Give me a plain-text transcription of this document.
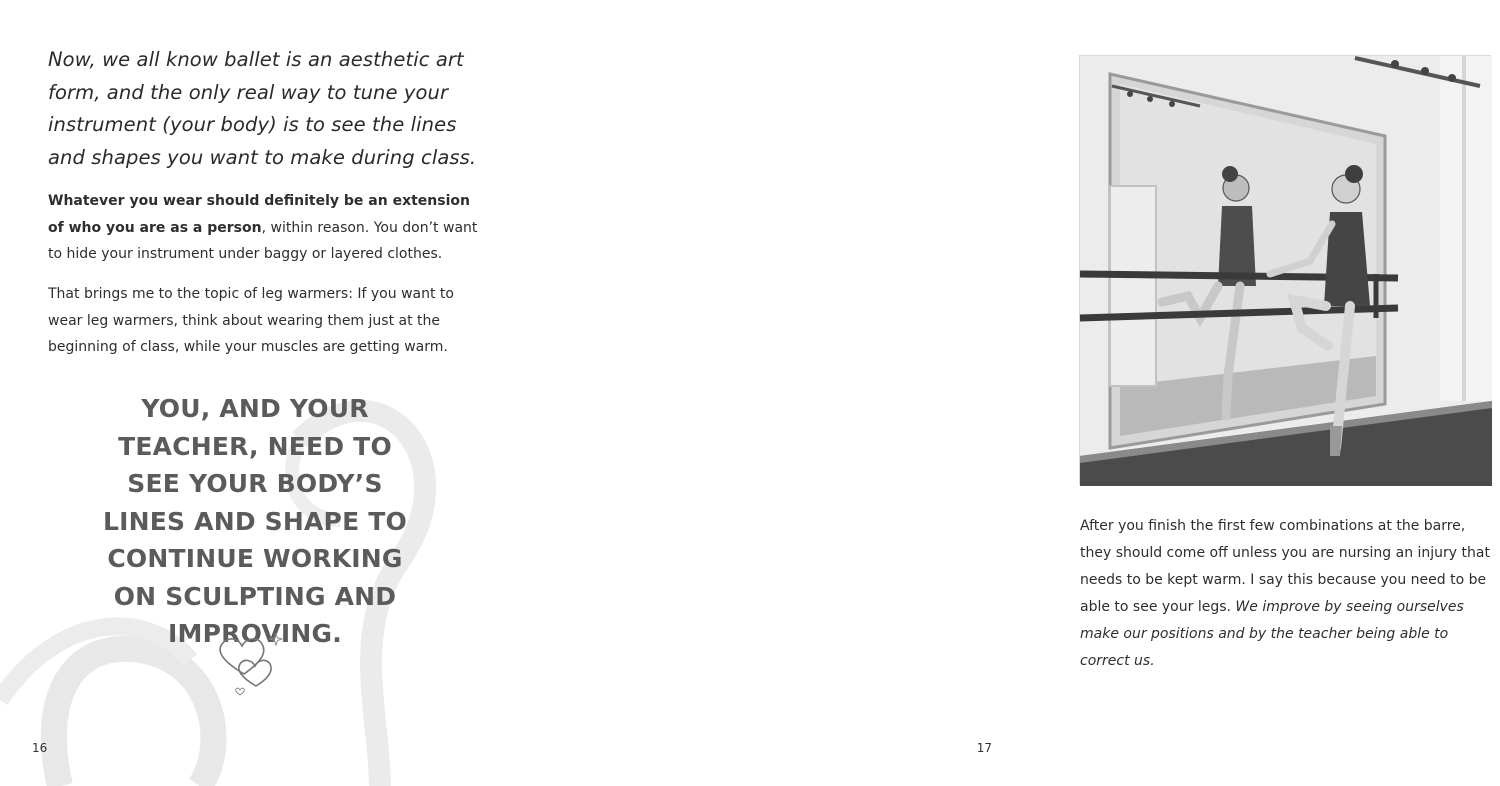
Now, we all know ballet is an aesthetic art form, and the only real way to tune your instrument (your body) is to see the lines and shapes you want to make during class.

Whatever you wear should definitely be an extension of who you are as a person, within reason. You don’t want to hide your instrument under baggy or layered clothes.

That brings me to the topic of leg warmers: If you want to wear leg warmers, think about wearing them just at the beginning of class, while your muscles are getting warm.

YOU, AND YOUR TEACHER, NEED TO SEE YOUR BODY’S LINES AND SHAPE TO CONTINUE WORKING ON SCULPTING AND IMPROVING.

16

After you finish the first few combinations at the barre, they should come off unless you are nursing an injury that needs to be kept warm. I say this because you need to be able to see your legs. We improve by seeing ourselves make our positions and by the teacher being able to correct us.

17
